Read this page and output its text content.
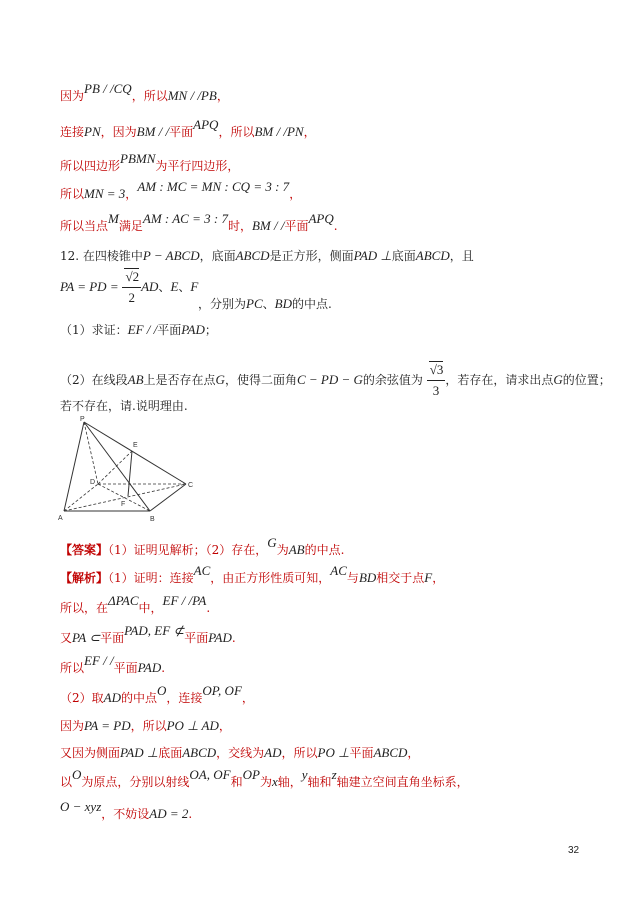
因为PB / /CQ，所以MN / /PB，
连接PN，因为BM / /平面APQ，所以BM / /PN，
所以四边形PBMN为平行四边形，
所以MN = 3，AM : MC = MN : CQ = 3 : 7，
所以当点M满足AM : AC = 3 : 7时，BM / /平面APQ.
12. 在四棱锥中P − ABCD，底面ABCD是正方形，侧面PAD ⊥底面ABCD，且
PA = PD = $\frac{√2}{2}$ AD、E、F
，分别为PC、BD的中点.
（1）求证：EF / /平面PAD；
（2）在线段AB上是否存在点G，使得二面角C − PD − G的余弦值为 $\frac{√3}{3}$ ，若存在，请求出点G的位置；
若不存在，请.说明理由.
P
E
D	C
F
A	B
【答案】（1）证明见解析；（2）存在，G为AB的中点.
【解析】（1）证明：连接AC，由正方形性质可知，AC与BD相交于点F，
所以，在ΔPAC中，EF / /PA.
又PA ⊂平面PAD, EF ⊄平面PAD.
所以EF / /平面PAD.
（2）取AD的中点O，连接OP, OF，
因为PA = PD，所以PO ⊥ AD，
又因为侧面PAD ⊥底面ABCD，交线为AD，所以PO ⊥平面ABCD，
以O为原点，分别以射线OA, OF和OP为x轴，y轴和z轴建立空间直角坐标系，
O − xyz，不妨设AD = 2.
32
